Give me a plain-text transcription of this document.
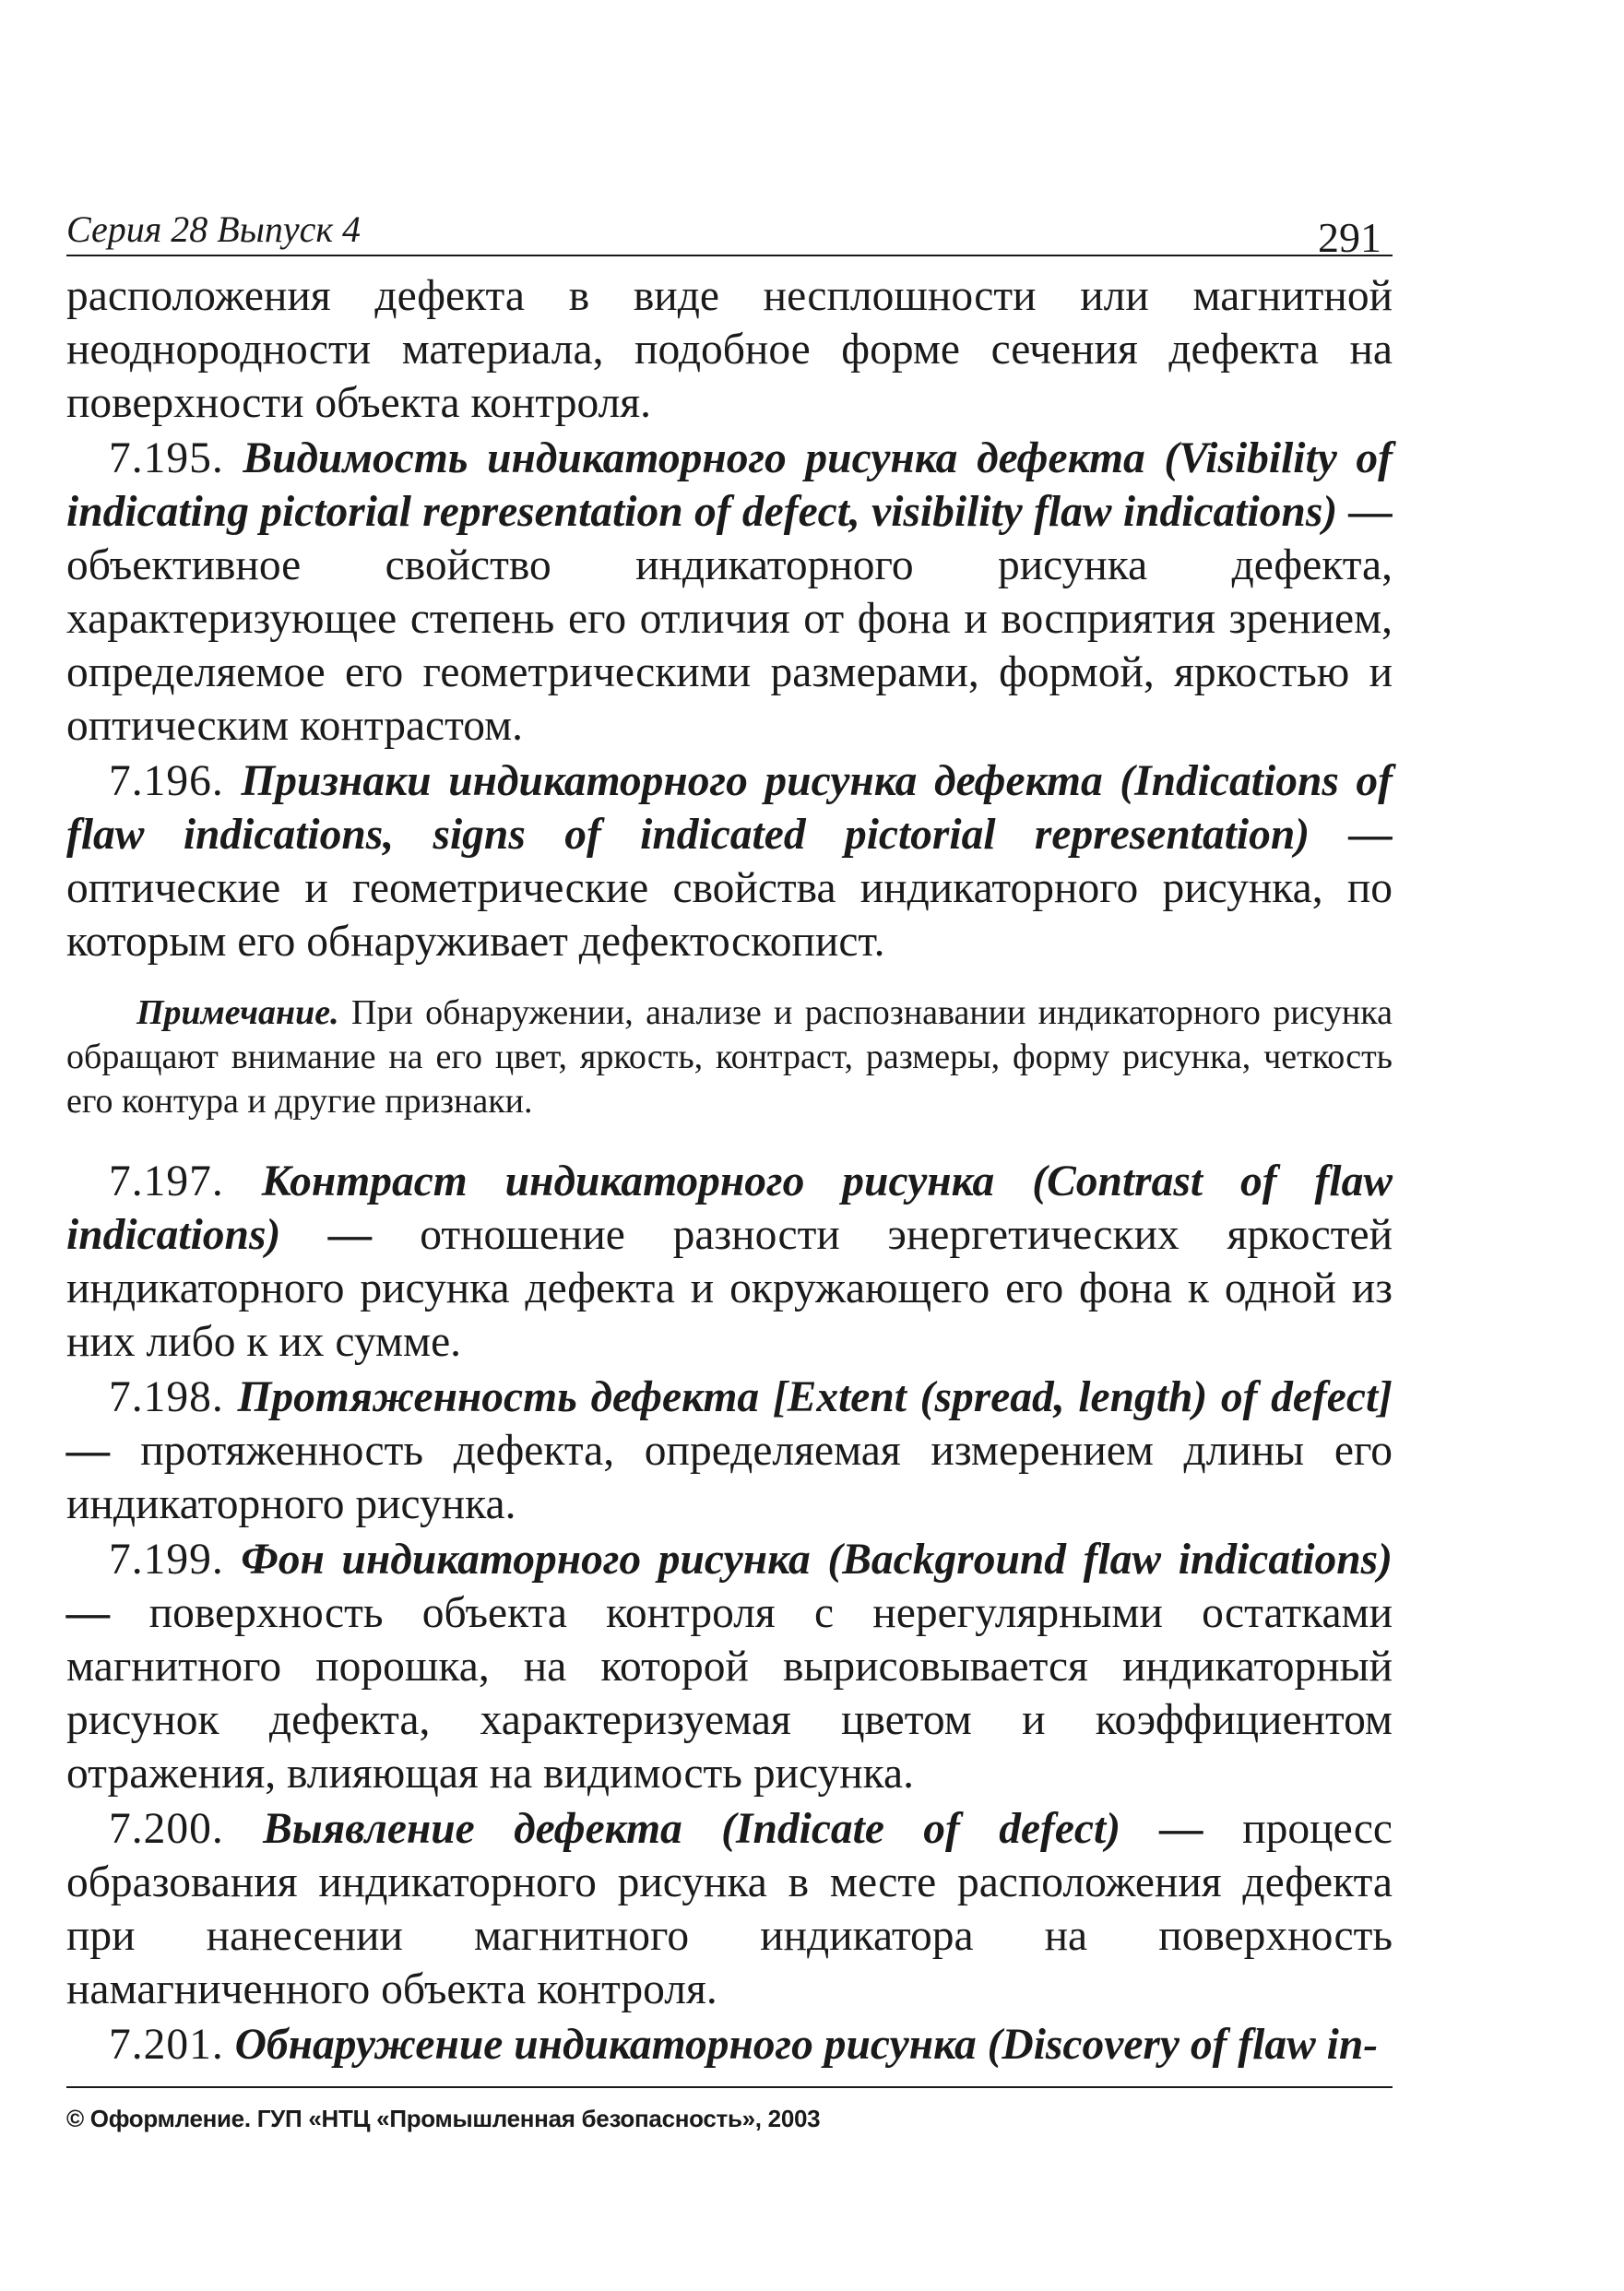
Серия 28 Выпуск 4	291

расположения дефекта в виде несплошности или магнитной неоднородности материала, подобное форме сечения дефекта на поверхности объекта контроля.

7.195. Видимость индикаторного рисунка дефекта (Visibility of indicating pictorial representation of defect, visibility flaw indications) — объективное свойство индикаторного рисунка дефекта, характеризующее степень его отличия от фона и восприятия зрением, определяемое его геометрическими размерами, формой, яркостью и оптическим контрастом.

7.196. Признаки индикаторного рисунка дефекта (Indications of flaw indications, signs of indicated pictorial representation) — оптические и геометрические свойства индикаторного рисунка, по которым его обнаруживает дефектоскопист.

Примечание. При обнаружении, анализе и распознавании индикаторного рисунка обращают внимание на его цвет, яркость, контраст, размеры, форму рисунка, четкость его контура и другие признаки.

7.197. Контраст индикаторного рисунка (Contrast of flaw indications) — отношение разности энергетических яркостей индикаторного рисунка дефекта и окружающего его фона к одной из них либо к их сумме.

7.198. Протяженность дефекта [Extent (spread, length) of defect] — протяженность дефекта, определяемая измерением длины его индикаторного рисунка.

7.199. Фон индикаторного рисунка (Background flaw indications) — поверхность объекта контроля с нерегулярными остатками магнитного порошка, на которой вырисовывается индикаторный рисунок дефекта, характеризуемая цветом и коэффициентом отражения, влияющая на видимость рисунка.

7.200. Выявление дефекта (Indicate of defect) — процесс образования индикаторного рисунка в месте расположения дефекта при нанесении магнитного индикатора на поверхность намагниченного объекта контроля.

7.201. Обнаружение индикаторного рисунка (Discovery of flaw in-

© Оформление. ГУП «НТЦ «Промышленная безопасность», 2003
